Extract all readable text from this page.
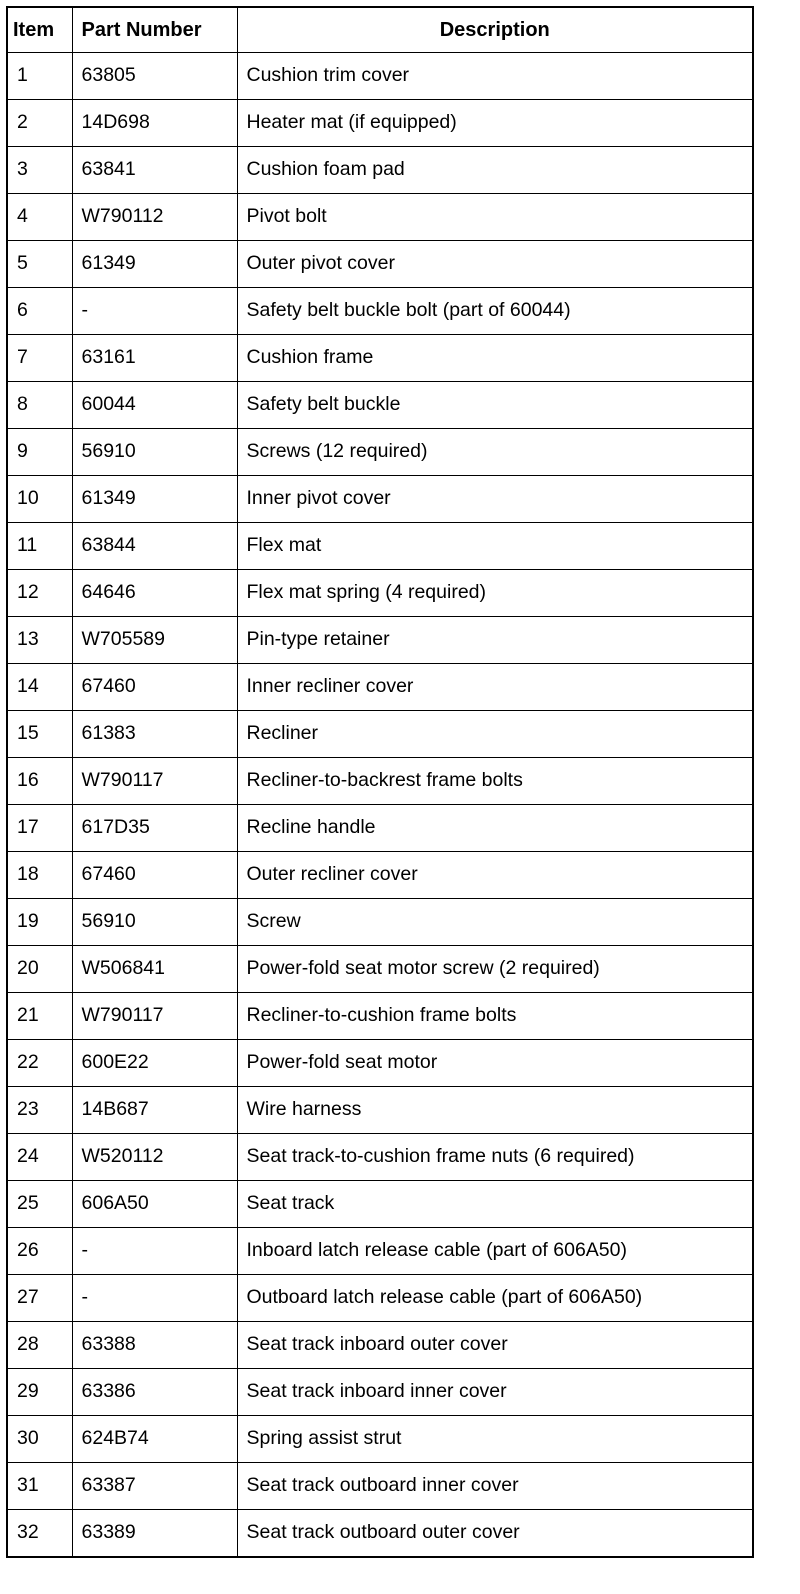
Item	Part Number	Description
1	63805	Cushion trim cover
2	14D698	Heater mat (if equipped)
3	63841	Cushion foam pad
4	W790112	Pivot bolt
5	61349	Outer pivot cover
6	-	Safety belt buckle bolt (part of 60044)
7	63161	Cushion frame
8	60044	Safety belt buckle
9	56910	Screws (12 required)
10	61349	Inner pivot cover
11	63844	Flex mat
12	64646	Flex mat spring (4 required)
13	W705589	Pin-type retainer
14	67460	Inner recliner cover
15	61383	Recliner
16	W790117	Recliner-to-backrest frame bolts
17	617D35	Recline handle
18	67460	Outer recliner cover
19	56910	Screw
20	W506841	Power-fold seat motor screw (2 required)
21	W790117	Recliner-to-cushion frame bolts
22	600E22	Power-fold seat motor
23	14B687	Wire harness
24	W520112	Seat track-to-cushion frame nuts (6 required)
25	606A50	Seat track
26	-	Inboard latch release cable (part of 606A50)
27	-	Outboard latch release cable (part of 606A50)
28	63388	Seat track inboard outer cover
29	63386	Seat track inboard inner cover
30	624B74	Spring assist strut
31	63387	Seat track outboard inner cover
32	63389	Seat track outboard outer cover
